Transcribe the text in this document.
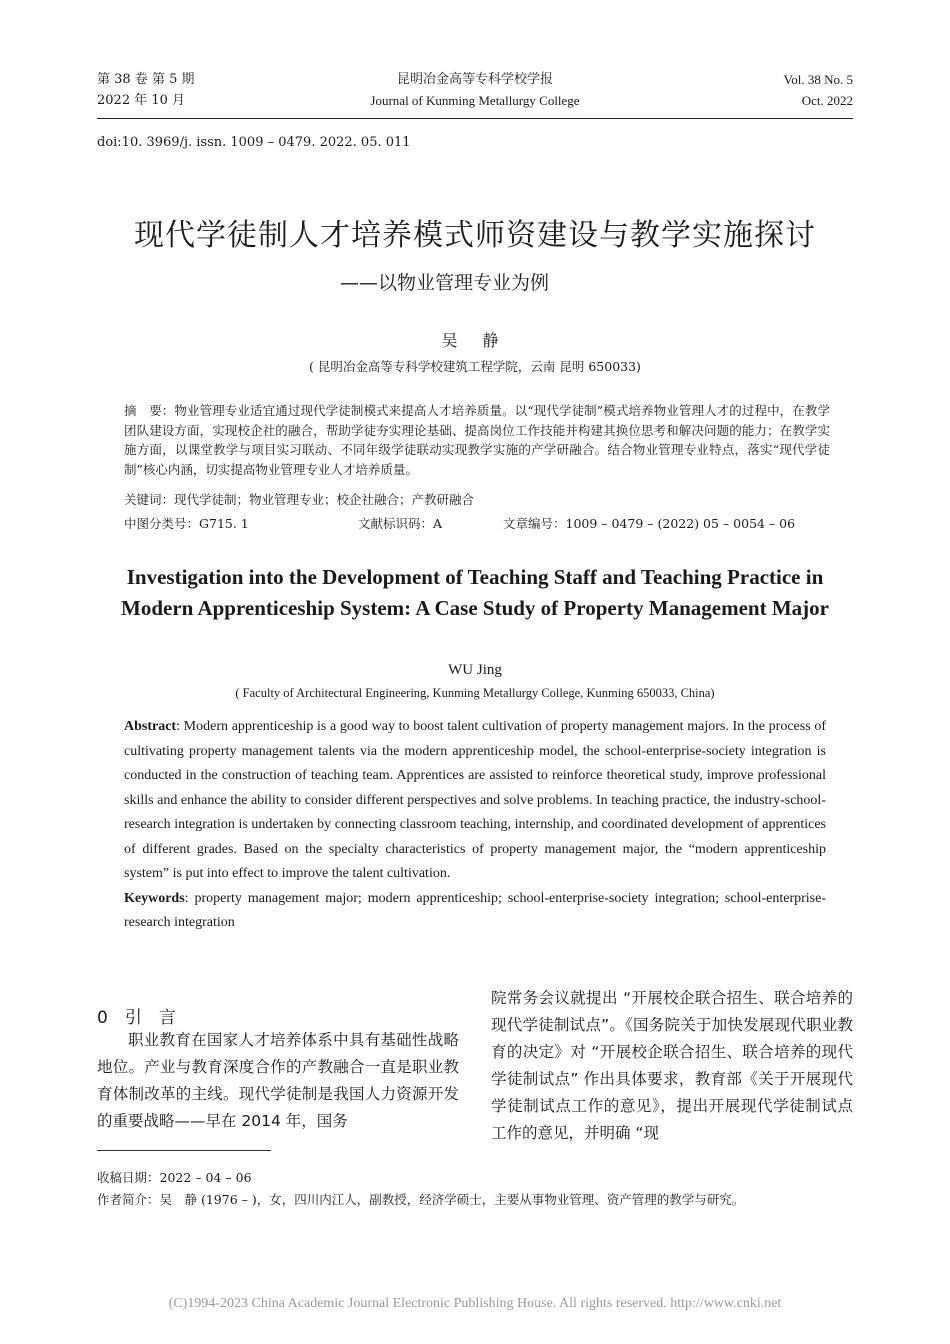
第 38 卷 第 5 期
2022 年 10 月
昆明冶金高等专科学校学报
Journal of Kunming Metallurgy College
Vol. 38 No. 5
Oct. 2022
doi:10. 3969/j. issn. 1009 – 0479. 2022. 05. 011
现代学徒制人才培养模式师资建设与教学实施探讨
——以物业管理专业为例
吴 静
( 昆明冶金高等专科学校建筑工程学院，云南 昆明 650033)

摘　要：物业管理专业适宜通过现代学徒制模式来提高人才培养质量。以“现代学徒制”模式培养物业管理人才的过程中，在教学团队建设方面，实现校企社的融合，帮助学徒夯实理论基础、提高岗位工作技能并构建其换位思考和解决问题的能力；在教学实施方面，以课堂教学与项目实习联动、不同年级学徒联动实现教学实施的产学研融合。结合物业管理专业特点，落实“现代学徒制”核心内涵，切实提高物业管理专业人才培养质量。

关键词：现代学徒制；物业管理专业；校企社融合；产教研融合
中图分类号：G715. 1	文献标识码：A	文章编号：1009 – 0479 – (2022) 05 – 0054 – 06
Investigation into the Development of Teaching Staff and Teaching Practice in Modern Apprenticeship System: A Case Study of Property Management Major
WU Jing
( Faculty of Architectural Engineering, Kunming Metallurgy College, Kunming 650033, China)

Abstract: Modern apprenticeship is a good way to boost talent cultivation of property management majors. In the process of cultivating property management talents via the modern apprenticeship model, the school-enterprise-society integration is conducted in the construction of teaching team. Apprentices are assisted to reinforce theoretical study, improve professional skills and enhance the ability to consider different perspectives and solve problems. In teaching practice, the industry-school-research integration is undertaken by connecting classroom teaching, internship, and coordinated development of apprentices of different grades. Based on the specialty characteristics of property management major, the “modern apprenticeship system” is put into effect to improve the talent cultivation.

Keywords: property management major; modern apprenticeship; school-enterprise-society integration; school-enterprise-research integration

0　引　言

职业教育在国家人才培养体系中具有基础性战略地位。产业与教育深度合作的产教融合一直是职业教育体制改革的主线。现代学徒制是我国人力资源开发的重要战略——早在 2014 年，国务

院常务会议就提出 “开展校企联合招生、联合培养的现代学徒制试点”。《国务院关于加快发展现代职业教育的决定》对 “开展校企联合招生、联合培养的现代学徒制试点” 作出具体要求，教育部《关于开展现代学徒制试点工作的意见》，提出开展现代学徒制试点工作的意见，并明确 “现

收稿日期：2022 – 04 – 06
作者简介：吴　静 (1976 – )，女，四川内江人，副教授，经济学硕士，主要从事物业管理、资产管理的教学与研究。
(C)1994-2023 China Academic Journal Electronic Publishing House. All rights reserved. http://www.cnki.net
